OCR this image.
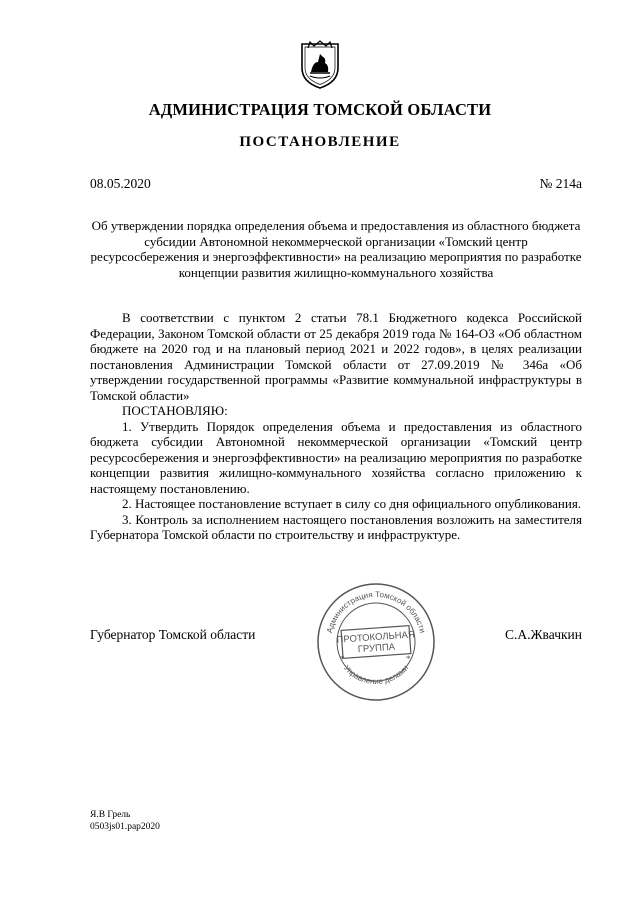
АДМИНИСТРАЦИЯ ТОМСКОЙ ОБЛАСТИ
ПОСТАНОВЛЕНИЕ
08.05.2020	№ 214а
Об утверждении порядка определения объема и предоставления из областного бюджета субсидии Автономной некоммерческой организации «Томский центр ресурсосбережения и энергоэффективности» на реализацию мероприятия по разработке концепции развития жилищно-коммунального хозяйства

В соответствии с пунктом 2 статьи 78.1 Бюджетного кодекса Российской Федерации, Законом Томской области от 25 декабря 2019 года № 164-ОЗ «Об областном бюджете на 2020 год и на плановый период 2021 и 2022 годов», в целях реализации постановления Администрации Томской области от 27.09.2019 № 346а «Об утверждении государственной программы «Развитие коммунальной инфраструктуры в Томской области»

ПОСТАНОВЛЯЮ:

1. Утвердить Порядок определения объема и предоставления из областного бюджета субсидии Автономной некоммерческой организации «Томский центр ресурсосбережения и энергоэффективности» на реализацию мероприятия по разработке концепции развития жилищно-коммунального хозяйства согласно приложению к настоящему постановлению.

2. Настоящее постановление вступает в силу со дня официального опубликования.

3. Контроль за исполнением настоящего постановления возложить на заместителя Губернатора Томской области по строительству и инфраструктуре.

Губернатор Томской области	С.А.Жвачкин
Администрация Томской области
Управление делами
ПРОТОКОЛЬНАЯ
ГРУППА
*	*
Я.В Грель
0503js01.pap2020
